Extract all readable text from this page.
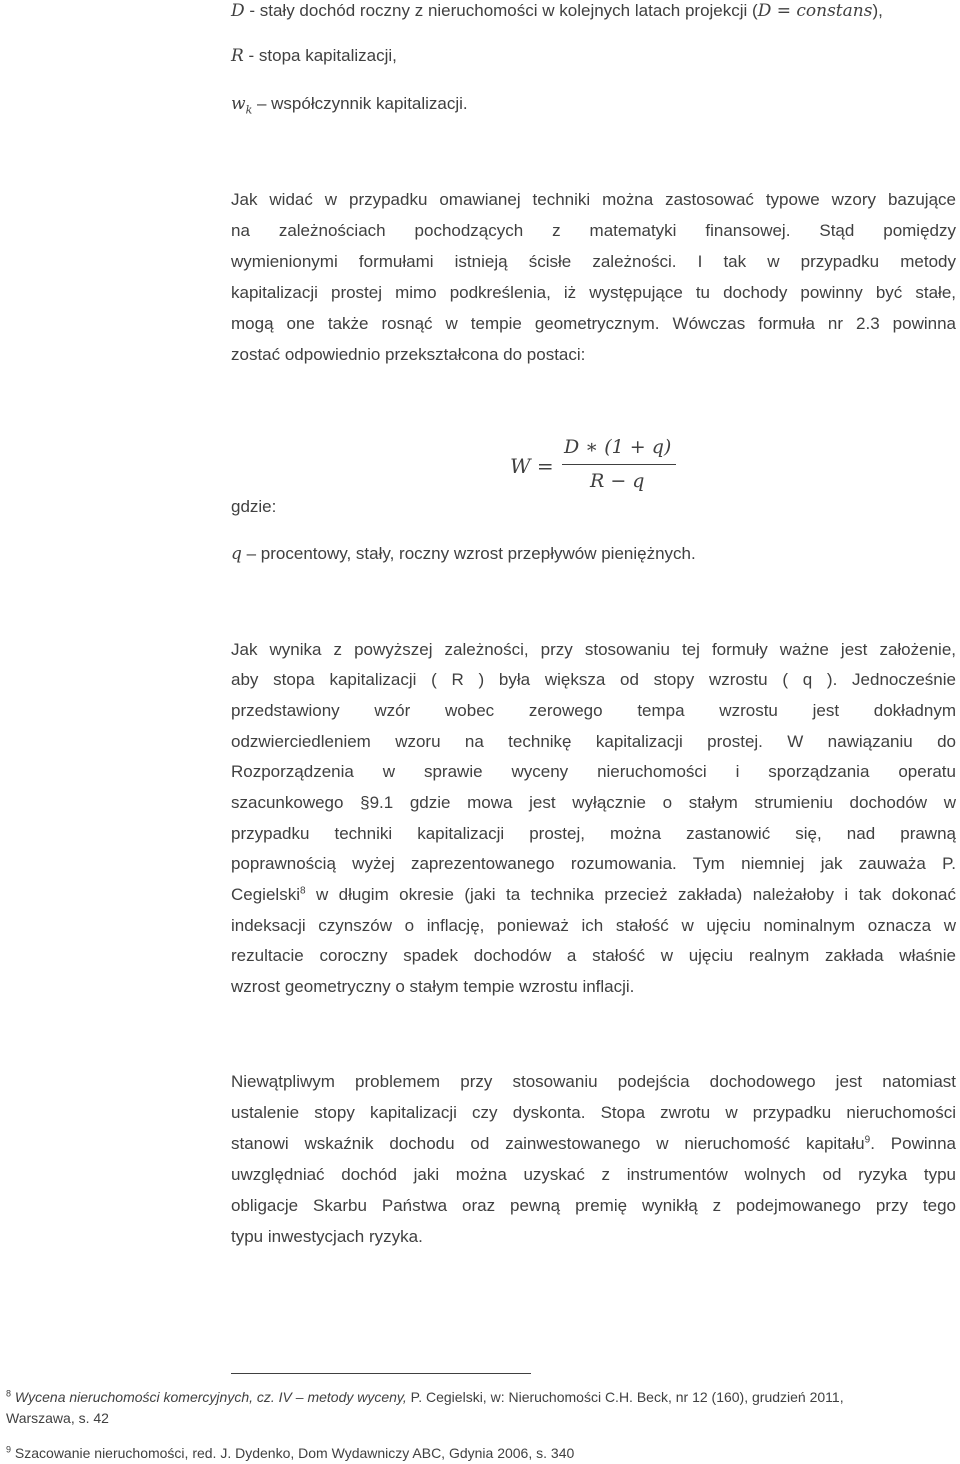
D - stały dochód roczny z nieruchomości w kolejnych latach projekcji (D = constans),
R - stopa kapitalizacji,
$w_k$ – współczynnik kapitalizacji.
Jak widać w przypadku omawianej techniki można zastosować typowe wzory bazujące
na zależnościach pochodzących z matematyki finansowej. Stąd pomiędzy
wymienionymi formułami istnieją ścisłe zależności. I tak w przypadku metody
kapitalizacji prostej mimo podkreślenia, iż występujące tu dochody powinny być stałe,
mogą one także rosnąć w tempie geometrycznym. Wówczas formuła nr 2.3 powinna
zostać odpowiednio przekształcona do postaci:
W =
D ∗ (1 + q)
R − q
gdzie:
q – procentowy, stały, roczny wzrost przepływów pieniężnych.
Jak wynika z powyższej zależności, przy stosowaniu tej formuły ważne jest założenie,
aby stopa kapitalizacji ( R ) była większa od stopy wzrostu ( q ). Jednocześnie
przedstawiony wzór wobec zerowego tempa wzrostu jest dokładnym
odzwierciedleniem wzoru na technikę kapitalizacji prostej. W nawiązaniu do
Rozporządzenia w sprawie wyceny nieruchomości i sporządzania operatu
szacunkowego §9.1 gdzie mowa jest wyłącznie o stałym strumieniu dochodów w
przypadku techniki kapitalizacji prostej, można zastanowić się, nad prawną
poprawnością wyżej zaprezentowanego rozumowania. Tym niemniej jak zauważa P.
Cegielski$^8$ w długim okresie (jaki ta technika przecież zakłada) należałoby i tak dokonać
indeksacji czynszów o inflację, ponieważ ich stałość w ujęciu nominalnym oznacza w
rezultacie coroczny spadek dochodów a stałość w ujęciu realnym zakłada właśnie
wzrost geometryczny o stałym tempie wzrostu inflacji.
Niewątpliwym problemem przy stosowaniu podejścia dochodowego jest natomiast
ustalenie stopy kapitalizacji czy dyskonta. Stopa zwrotu w przypadku nieruchomości
stanowi wskaźnik dochodu od zainwestowanego w nieruchomość kapitału$^9$. Powinna
uwzględniać dochód jaki można uzyskać z instrumentów wolnych od ryzyka typu
obligacje Skarbu Państwa oraz pewną premię wynikłą z podejmowanego przy tego
typu inwestycjach ryzyka.
$^8$ Wycena nieruchomości komercyjnych, cz. IV – metody wyceny, P. Cegielski, w: Nieruchomości C.H. Beck, nr 12 (160), grudzień 2011,
Warszawa, s. 42
$^9$ Szacowanie nieruchomości, red. J. Dydenko, Dom Wydawniczy ABC, Gdynia 2006, s. 340
